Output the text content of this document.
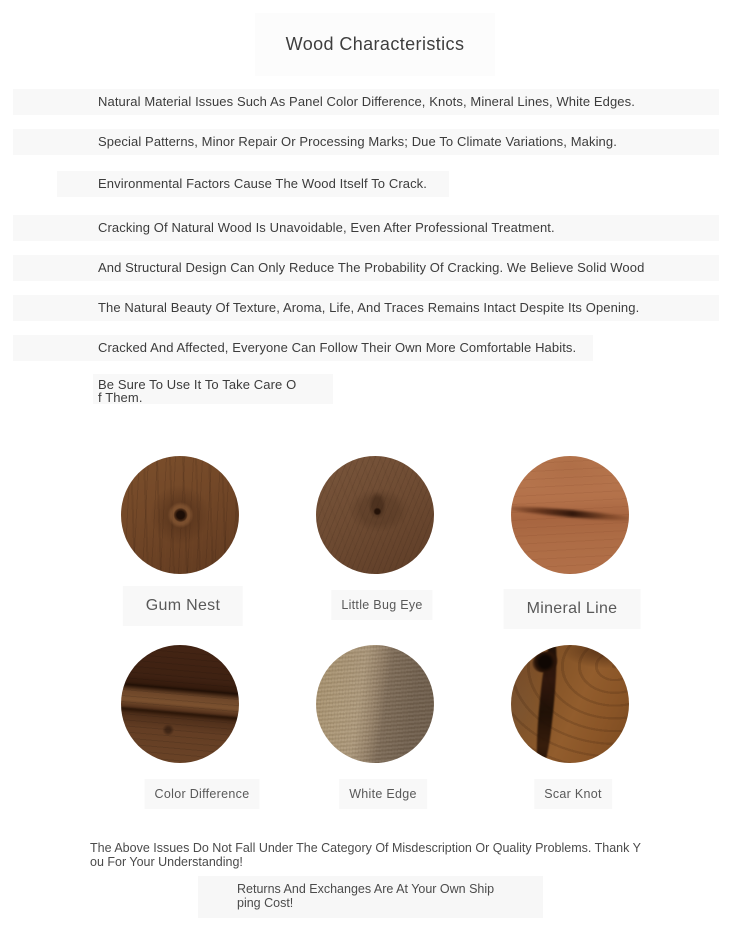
Wood Characteristics
Natural Material Issues Such As Panel Color Difference, Knots, Mineral Lines, White Edges.
Special Patterns, Minor Repair Or Processing Marks; Due To Climate Variations, Making.
Environmental Factors Cause The Wood Itself To Crack.
Cracking Of Natural Wood Is Unavoidable, Even After Professional Treatment.
And Structural Design Can Only Reduce The Probability Of Cracking. We Believe Solid Wood
The Natural Beauty Of Texture, Aroma, Life, And Traces Remains Intact Despite Its Opening.
Cracked And Affected, Everyone Can Follow Their Own More Comfortable Habits.
Be Sure To Use It To Take Care O
f Them.
Gum Nest	Little Bug Eye	Mineral Line
Color Difference	White Edge	Scar Knot
The Above Issues Do Not Fall Under The Category Of Misdescription Or Quality Problems. Thank Y
ou For Your Understanding!
Returns And Exchanges Are At Your Own Ship
ping Cost!
